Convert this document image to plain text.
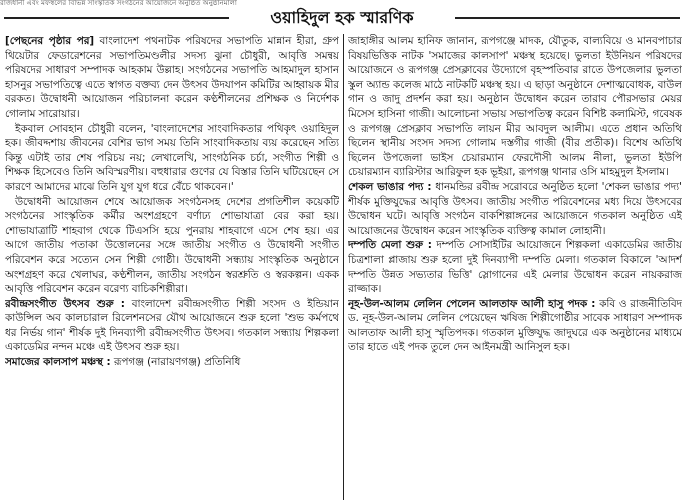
রাজধানী এবং মফস্বলের বিভিন্ন সাংস্কৃতিক সংগঠনের আয়োজনে অনুষ্ঠিত অনুষ্ঠানমালা
ওয়াহিদুল হক স্মারণিক

[পেছনের পৃষ্ঠার পর] বাংলাদেশ পথনাটক পরিষদের সভাপতি মান্নান হীরা, গ্রুপ থিয়েটার ফেডারেশনের সভাপতিমণ্ডলীর সদস্য ঝুনা চৌধুরী, আবৃত্তি সমন্বয় পরিষদের সাধারণ সম্পাদক আহকাম উল্লাহ। সংগঠনের সভাপতি আহমাদুল হাসান হাসনুর সভাপতিত্বে এতে স্বাগত বক্তব্য দেন উৎসব উদযাপন কমিটির আহ্বায়ক মীর বরকত। উদ্বোধনী আয়োজন পরিচালনা করেন কণ্ঠশীলনের প্রশিক্ষক ও নির্দেশক গোলাম সারোয়ার।

ইকবাল সোবহান চৌধুরী বলেন, 'বাংলাদেশের সাংবাদিকতার পথিকৃৎ ওয়াহিদুল হক। জীবদ্দশায় জীবনের বেশির ভাগ সময় তিনি সাংবাদিকতায় ব্যয় করেছেন সত্যি কিন্তু এটাই তার শেষ পরিচয় নয়; লেখালেখি, সাংগঠনিক চর্চা, সংগীত শিল্পী ও শিক্ষক হিসেবেও তিনি অবিস্মরণীয়। বহুধারার গুণের যে বিস্তার তিনি ঘটিয়েছেন সে কারণে আমাদের মাঝে তিনি যুগ যুগ ধরে বেঁচে থাকবেন।'

উদ্বোধনী আয়োজন শেষে আয়োজক সংগঠনসহ দেশের প্রগতিশীল কয়েকটি সংগঠনের সাংস্কৃতিক কর্মীর অংশগ্রহণে বর্ণাঢ্য শোভাযাত্রা বের করা হয়। শোভাযাত্রাটি শাহবাগ থেকে টিএসসি হয়ে পুনরায় শাহবাগে এসে শেষ হয়। এর আগে জাতীয় পতাকা উত্তোলনের সঙ্গে জাতীয় সংগীত ও উদ্বোধনী সংগীত পরিবেশন করে সত্যেন সেন শিল্পী গোষ্ঠী। উদ্বোধনী সন্ধ্যায় সাংস্কৃতিক অনুষ্ঠানে অংশগ্রহণ করে খেলাঘর, কণ্ঠশীলন, জাতীয় সংগঠন স্বরশ্রুতি ও স্বরকল্পন। একক আবৃত্তি পরিবেশন করেন বরেণ্য বাচিকশিল্পীরা।

রবীন্দ্রসংগীত উৎসব শুরু : বাংলাদেশ রবীন্দ্রসংগীত শিল্পী সংসদ ও ইন্ডিয়ান কাউন্সিল অব কালচারাল রিলেশনসের যৌথ আয়োজনে শুরু হলো 'শুভ কর্মপথে ধর নির্ভয় গান' শীর্ষক দুই দিনব্যাপী রবীন্দ্রসংগীত উৎসব। গতকাল সন্ধ্যায় শিল্পকলা একাডেমির নন্দন মঞ্চে এই উৎসব শুরু হয়।

সমাজের কালসাপ মঞ্চস্থ : রূপগঞ্জ (নারায়ণগঞ্জ) প্রতিনিধি

জাহাঙ্গীর আলম হানিফ জানান, রূপগঞ্জে মাদক, যৌতুক, বাল্যবিয়ে ও মানবপাচার বিষয়ভিত্তিক নাটক 'সমাজের কালসাপ' মঞ্চস্থ হয়েছে। ভুলতা ইউনিয়ন পরিষদের আয়োজনে ও রূপগঞ্জ প্রেসক্লাবের উদ্যোগে বৃহস্পতিবার রাতে উপজেলার ভুলতা স্কুল অ্যান্ড কলেজ মাঠে নাটকটি মঞ্চস্থ হয়। এ ছাড়া অনুষ্ঠানে দেশাত্মবোধক, বাউল গান ও জাদু প্রদর্শন করা হয়। অনুষ্ঠান উদ্বোধন করেন তারাব পৌরসভার মেয়র মিসেস হাসিনা গাজী। আলোচনা সভায় সভাপতিত্ব করেন বিশিষ্ট কলামিস্ট, গবেষক ও রূপগঞ্জ প্রেসক্লাব সভাপতি লায়ন মীর আবদুল আলীম। এতে প্রধান অতিথি ছিলেন স্থানীয় সংসদ সদস্য গোলাম দস্তগীর গাজী (বীর প্রতীক)। বিশেষ অতিথি ছিলেন উপজেলা ভাইস চেয়ারম্যান ফেরদৌসী আলম নীলা, ভুলতা ইউপি চেয়ারম্যান ব্যারিস্টার আরিফুল হক ভূইয়া, রূপগঞ্জ থানার ওসি মাহমুদুল ইসলাম।

শেকল ভাঙার পদ্য : ধানমন্ডির রবীন্দ্র সরোবরে অনুষ্ঠিত হলো 'শেকল ভাঙার পদ্য' শীর্ষক মুক্তিযুদ্ধের আবৃত্তি উৎসব। জাতীয় সংগীত পরিবেশনের মধ্য দিয়ে উৎসবের উদ্বোধন ঘটে। আবৃত্তি সংগঠন বাকশিল্পাঙ্গনের আয়োজনে গতকাল অনুষ্ঠিত এই আয়োজনের উদ্বোধন করেন সাংস্কৃতিক ব্যক্তিত্ব কামাল লোহানী।

দম্পতি মেলা শুরু : দম্পতি সোসাইটির আয়োজনে শিল্পকলা একাডেমির জাতীয় চিত্রশালা প্লাজায় শুরু হলো দুই দিনব্যাপী দম্পতি মেলা। গতকাল বিকালে 'আদর্শ দম্পতি উন্নত সভ্যতার ভিত্তি' স্লোগানের এই মেলার উদ্বোধন করেন নায়করাজ রাজ্জাক।

নূহ-উল-আলম লেলিন পেলেন আলতাফ আলী হাসু পদক : কবি ও রাজনীতিবিদ ড. নূহ-উল-আলম লেলিন পেয়েছেন ঋষিজ শিল্পীগোষ্ঠীর সাবেক সাধারণ সম্পাদক আলতাফ আলী হাসু স্মৃতিপদক। গতকাল মুক্তিযুদ্ধ জাদুঘরে এক অনুষ্ঠানের মাধ্যমে তার হাতে এই পদক তুলে দেন আইনমন্ত্রী আনিসুল হক।
